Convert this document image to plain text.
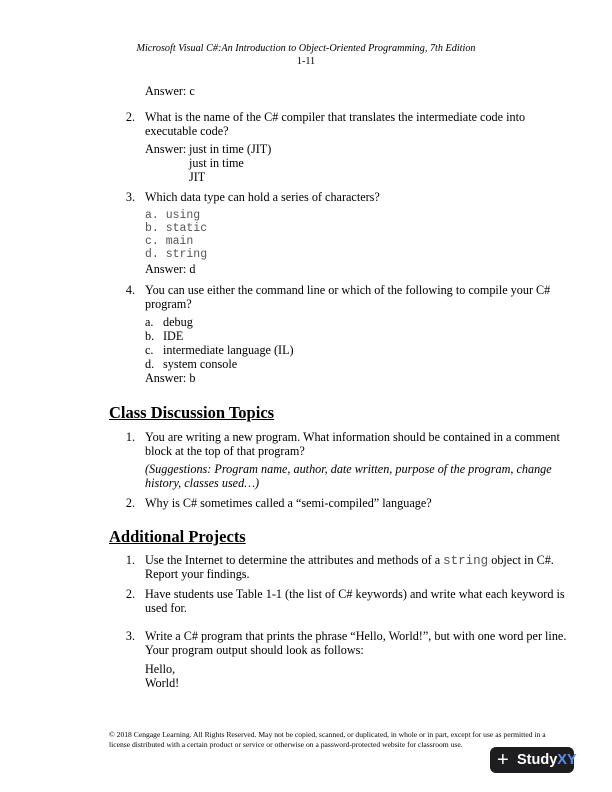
Microsoft Visual C#:An Introduction to Object-Oriented Programming, 7th Edition
1-11
Answer: c
2. What is the name of the C# compiler that translates the intermediate code into
executable code?
Answer: just in time (JIT)
just in time
JIT
3. Which data type can hold a series of characters?
a. using
b. static
c. main
d. string
Answer: d
4. You can use either the command line or which of the following to compile your C#
program?
a. debug
b. IDE
c. intermediate language (IL)
d. system console
Answer: b
Class Discussion Topics
1. You are writing a new program. What information should be contained in a comment
block at the top of that program?
(Suggestions: Program name, author, date written, purpose of the program, change
history, classes used…)
2. Why is C# sometimes called a “semi-compiled” language?
Additional Projects
1. Use the Internet to determine the attributes and methods of a string object in C#.
Report your findings.
2. Have students use Table 1-1 (the list of C# keywords) and write what each keyword is
used for.
3. Write a C# program that prints the phrase “Hello, World!”, but with one word per line.
Your program output should look as follows:
Hello,
World!
© 2018 Cengage Learning. All Rights Reserved. May not be copied, scanned, or duplicated, in whole or in part, except for use as permitted in a
license distributed with a certain product or service or otherwise on a password-protected website for classroom use.
+ StudyXY
